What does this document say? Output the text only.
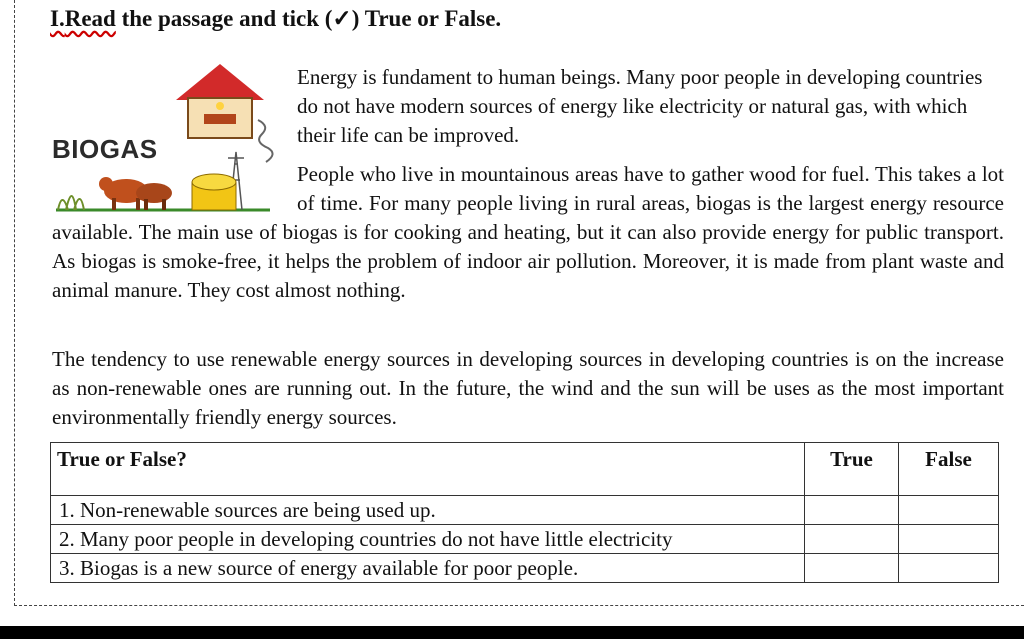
I.Read the passage and tick (✓) True or False.
BIOGAS

Energy is fundament to human beings. Many poor people in developing countries do not have modern sources of energy like electricity or natural gas, with which their life can be improved.

People who live in mountainous areas have to gather wood for fuel. This takes a lot of time. For many people living in rural areas, biogas is the largest energy resource available. The main use of biogas is for cooking and heating, but it can also provide energy for public transport. As biogas is smoke-free, it helps the problem of indoor air pollution. Moreover, it is made from plant waste and animal manure. They cost almost nothing.

The tendency to use renewable energy sources in developing sources in developing countries is on the increase as non-renewable ones are running out. In the future, the wind and the sun will be uses as the most important environmentally friendly energy sources.

True or False?	True	False
1. Non-renewable sources are being used up.		
2. Many poor people in developing countries do not have little electricity		
3. Biogas is a new source of energy available for poor people.		
